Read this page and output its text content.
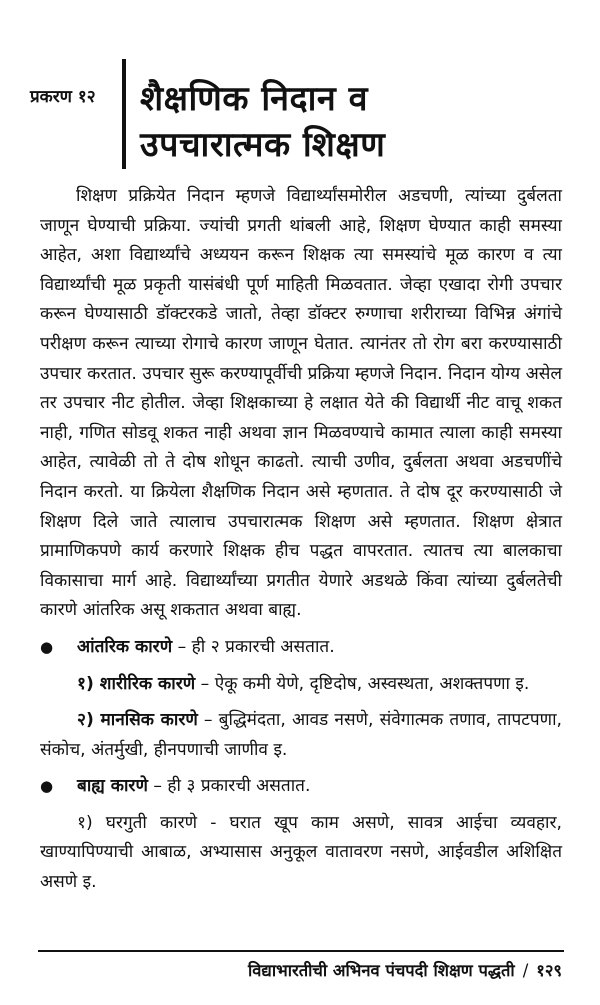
प्रकरण १२ शैक्षणिक निदान व
उपचारात्मक शिक्षण

शिक्षण प्रक्रियेत निदान म्हणजे विद्यार्थ्यांसमोरील अडचणी, त्यांच्या दुर्बलता जाणून घेण्याची प्रक्रिया. ज्यांची प्रगती थांबली आहे, शिक्षण घेण्यात काही समस्या आहेत, अशा विद्यार्थ्यांचे अध्ययन करून शिक्षक त्या समस्यांचे मूळ कारण व त्या विद्यार्थ्यांची मूळ प्रकृती यासंबंधी पूर्ण माहिती मिळवतात. जेव्हा एखादा रोगी उपचार करून घेण्यासाठी डॉक्टरकडे जातो, तेव्हा डॉक्टर रुग्णाचा शरीराच्या विभिन्न अंगांचे परीक्षण करून त्याच्या रोगाचे कारण जाणून घेतात. त्यानंतर तो रोग बरा करण्यासाठी उपचार करतात. उपचार सुरू करण्यापूर्वीची प्रक्रिया म्हणजे निदान. निदान योग्य असेल तर उपचार नीट होतील. जेव्हा शिक्षकाच्या हे लक्षात येते की विद्यार्थी नीट वाचू शकत नाही, गणित सोडवू शकत नाही अथवा ज्ञान मिळवण्याचे कामात त्याला काही समस्या आहेत, त्यावेळी तो ते दोष शोधून काढतो. त्याची उणीव, दुर्बलता अथवा अडचणींचे निदान करतो. या क्रियेला शैक्षणिक निदान असे म्हणतात. ते दोष दूर करण्यासाठी जे शिक्षण दिले जाते त्यालाच उपचारात्मक शिक्षण असे म्हणतात. शिक्षण क्षेत्रात प्रामाणिकपणे कार्य करणारे शिक्षक हीच पद्धत वापरतात. त्यातच त्या बालकाचा विकासाचा मार्ग आहे. विद्यार्थ्यांच्या प्रगतीत येणारे अडथळे किंवा त्यांच्या दुर्बलतेची कारणे आंतरिक असू शकतात अथवा बाह्य.

●	आंतरिक कारणे – ही २ प्रकारची असतात.
१) शारीरिक कारणे – ऐकू कमी येणे, दृष्टिदोष, अस्वस्थता, अशक्तपणा इ.
२) मानसिक कारणे – बुद्धिमंदता, आवड नसणे, संवेगात्मक तणाव, तापटपणा, संकोच, अंतर्मुखी, हीनपणाची जाणीव इ.
●	बाह्य कारणे – ही ३ प्रकारची असतात.
१) घरगुती कारणे - घरात खूप काम असणे, सावत्र आईचा व्यवहार, खाण्यापिण्याची आबाळ, अभ्यासास अनुकूल वातावरण नसणे, आईवडील अशिक्षित असणे इ.
विद्याभारतीची अभिनव पंचपदी शिक्षण पद्धती / १२९
